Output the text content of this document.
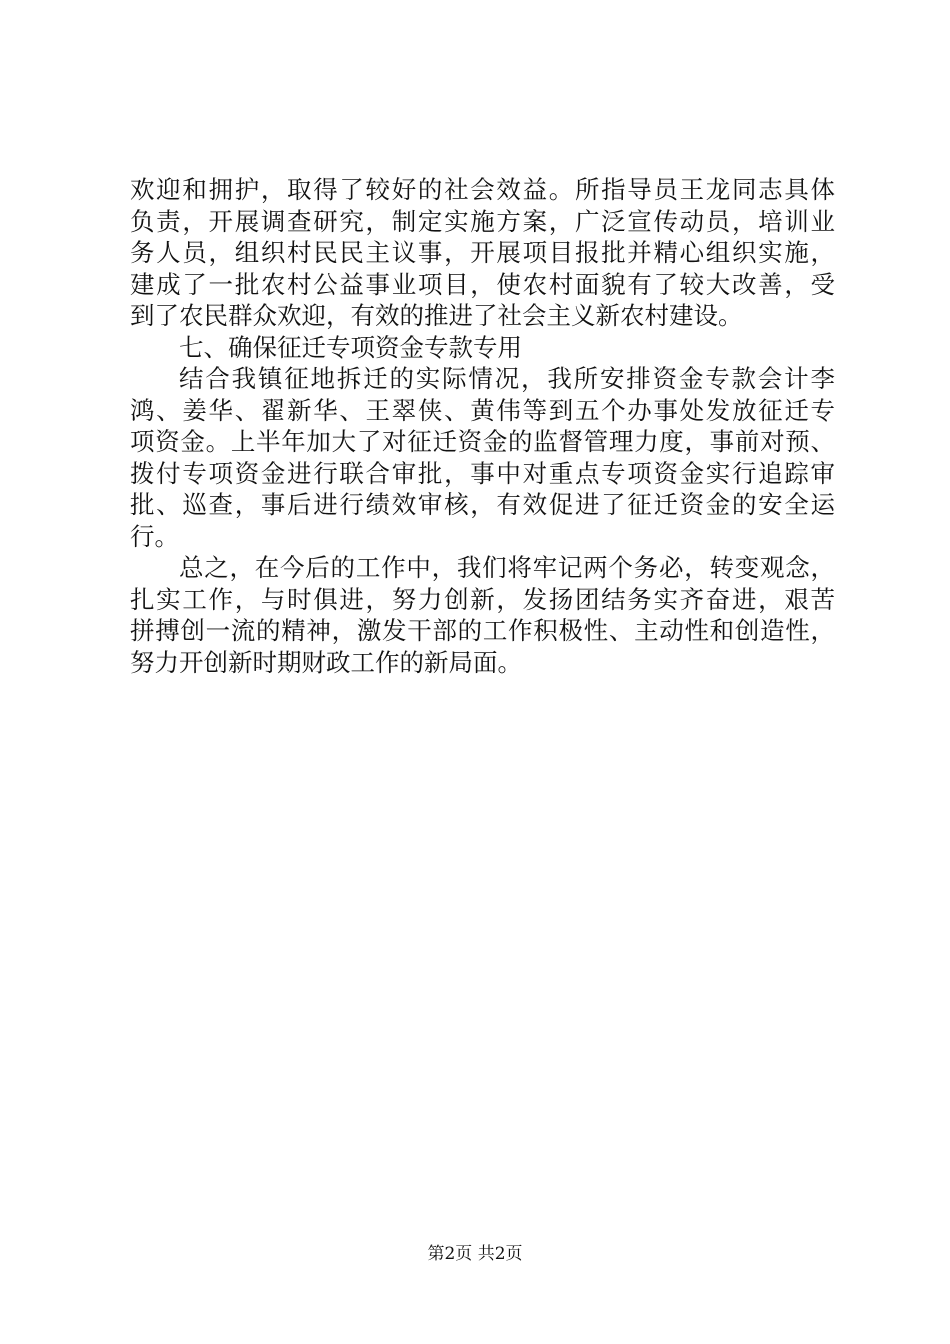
欢迎和拥护，取得了较好的社会效益。所指导员王龙同志具体
负责，开展调查研究，制定实施方案，广泛宣传动员，培训业
务人员，组织村民民主议事，开展项目报批并精心组织实施，
建成了一批农村公益事业项目，使农村面貌有了较大改善，受
到了农民群众欢迎，有效的推进了社会主义新农村建设。
七、确保征迁专项资金专款专用
结合我镇征地拆迁的实际情况，我所安排资金专款会计李
鸿、姜华、翟新华、王翠侠、黄伟等到五个办事处发放征迁专
项资金。上半年加大了对征迁资金的监督管理力度，事前对预、
拨付专项资金进行联合审批，事中对重点专项资金实行追踪审
批、巡查，事后进行绩效审核，有效促进了征迁资金的安全运
行。
总之，在今后的工作中，我们将牢记两个务必，转变观念，
扎实工作，与时俱进，努力创新，发扬团结务实齐奋进，艰苦
拼搏创一流的精神，激发干部的工作积极性、主动性和创造性，
努力开创新时期财政工作的新局面。
第2页 共2页
